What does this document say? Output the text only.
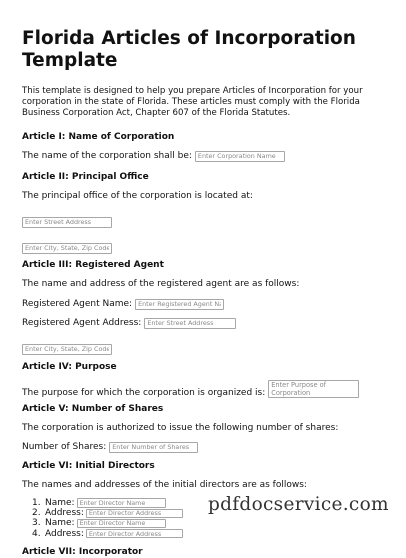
Florida Articles of Incorporation Template

This template is designed to help you prepare Articles of Incorporation for your corporation in the state of Florida. These articles must comply with the Florida Business Corporation Act, Chapter 607 of the Florida Statutes.

Article I: Name of Corporation
The name of the corporation shall be:
Enter Corporation Name
Article II: Principal Office

The principal office of the corporation is located at:

Enter Street Address
Enter City, State, Zip Code
Article III: Registered Agent

The name and address of the registered agent are as follows:

Registered Agent Name:
Enter Registered Agent Name
Registered Agent Address:
Enter Street Address
Enter City, State, Zip Code
Article IV: Purpose
The purpose for which the corporation is organized is:
Enter Purpose of Corporation
Article V: Number of Shares

The corporation is authorized to issue the following number of shares:

Number of Shares:
Enter Number of Shares
Article VI: Initial Directors

The names and addresses of the initial directors are as follows:

1. Name:
Enter Director Name
2. Address:
Enter Director Address
3. Name:
Enter Director Name
4. Address:
Enter Director Address
Article VII: Incorporator
pdfdocservice.com
